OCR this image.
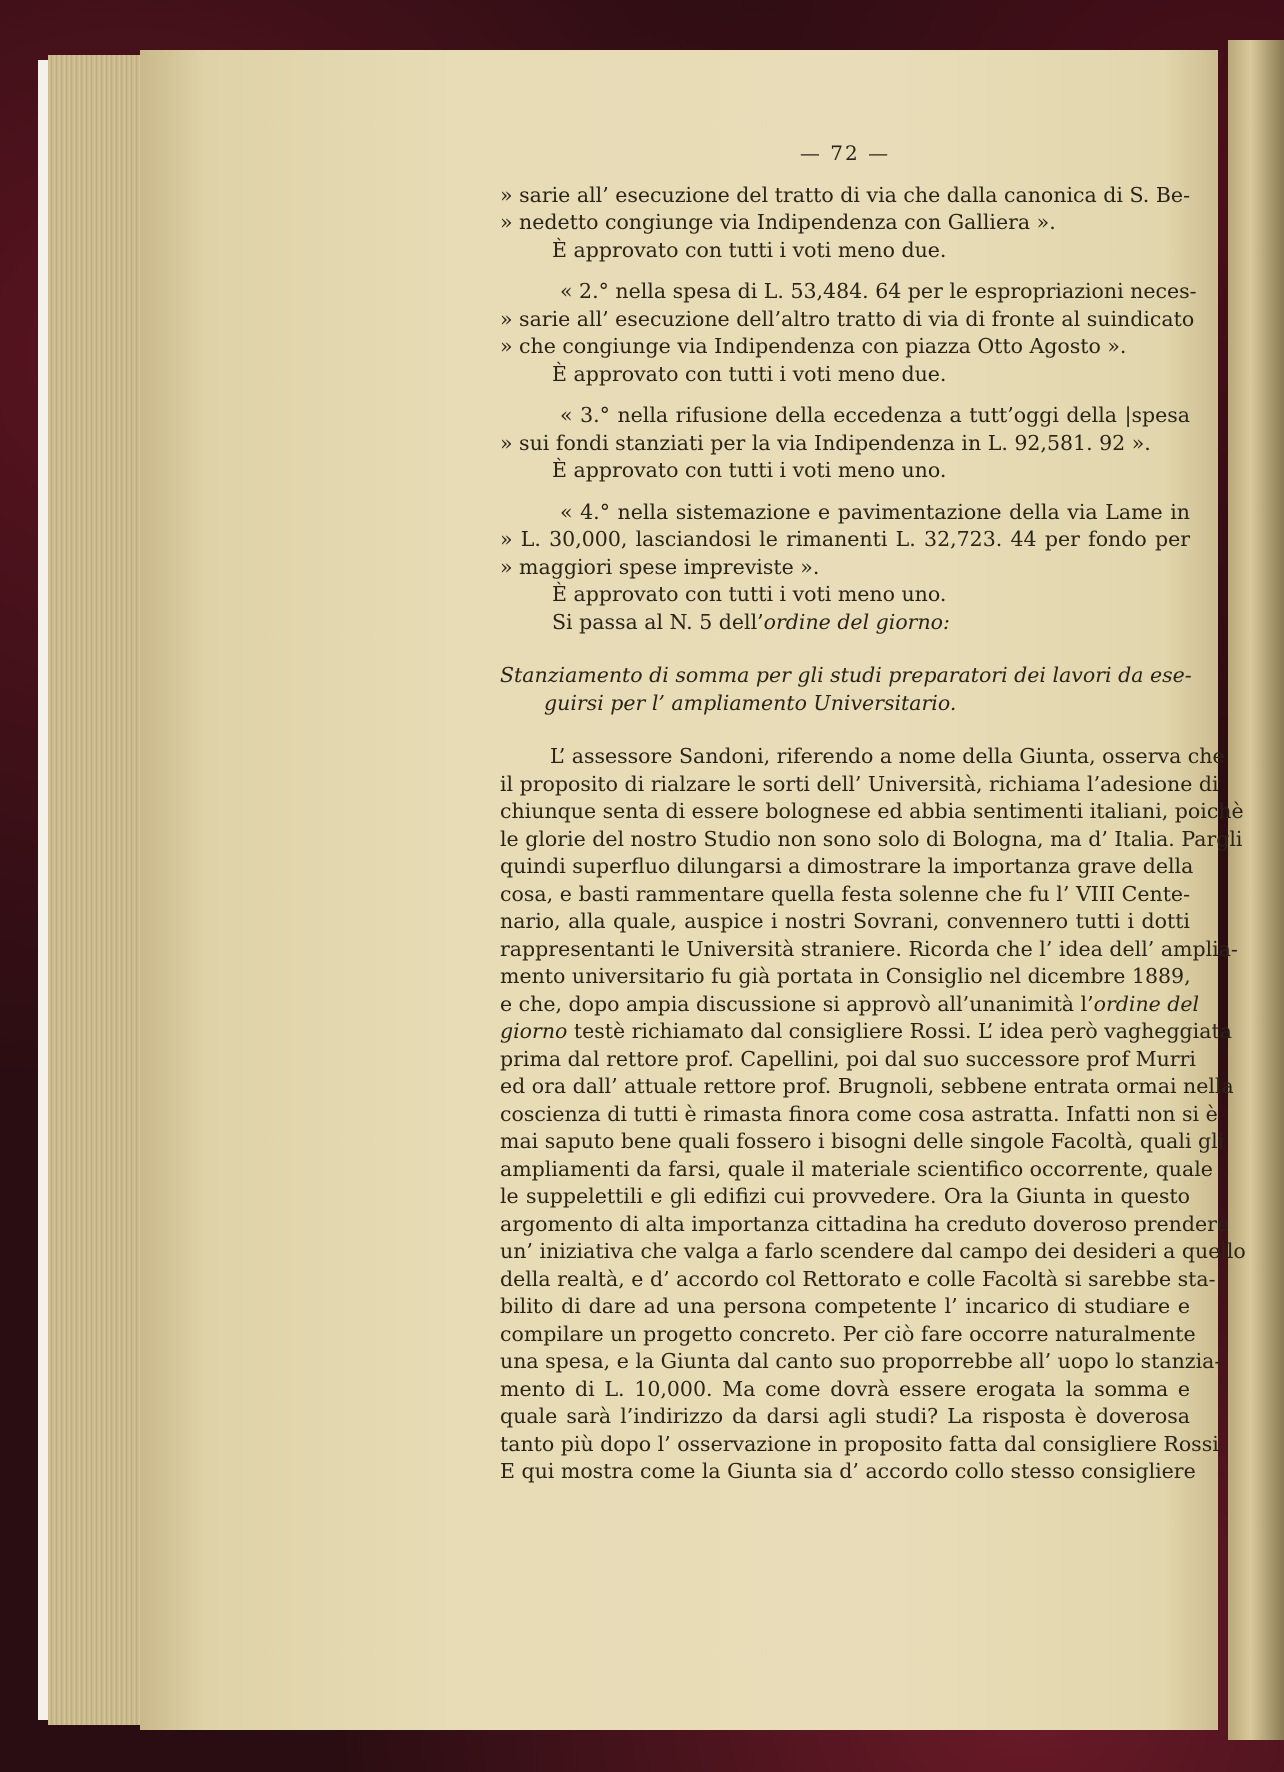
— 72 —
» sarie all’ esecuzione del tratto di via che dalla canonica di S. Be-
» nedetto congiunge via Indipendenza con Galliera ».
È approvato con tutti i voti meno due.
« 2.° nella spesa di L. 53,484. 64 per le espropriazioni neces-
» sarie all’ esecuzione dell’altro tratto di via di fronte al suindicato
» che congiunge via Indipendenza con piazza Otto Agosto ».
È approvato con tutti i voti meno due.
« 3.° nella rifusione della eccedenza a tutt’oggi della |spesa
» sui fondi stanziati per la via Indipendenza in L. 92,581. 92 ».
È approvato con tutti i voti meno uno.
« 4.° nella sistemazione e pavimentazione della via Lame in
» L. 30,000, lasciandosi le rimanenti L. 32,723. 44 per fondo per
» maggiori spese impreviste ».
È approvato con tutti i voti meno uno.
Si passa al N. 5 dell’ordine del giorno:
Stanziamento di somma per gli studi preparatori dei lavori da ese-
guirsi per l’ ampliamento Universitario.
L’ assessore Sandoni, riferendo a nome della Giunta, osserva che
il proposito di rialzare le sorti dell’ Università, richiama l’adesione di
chiunque senta di essere bolognese ed abbia sentimenti italiani, poichè
le glorie del nostro Studio non sono solo di Bologna, ma d’ Italia. Pargli
quindi superfluo dilungarsi a dimostrare la importanza grave della
cosa, e basti rammentare quella festa solenne che fu l’ VIII Cente-
nario, alla quale, auspice i nostri Sovrani, convennero tutti i dotti
rappresentanti le Università straniere. Ricorda che l’ idea dell’ amplia-
mento universitario fu già portata in Consiglio nel dicembre 1889,
e che, dopo ampia discussione si approvò all’unanimità l’ordine del
giorno testè richiamato dal consigliere Rossi. L’ idea però vagheggiata
prima dal rettore prof. Capellini, poi dal suo successore prof Murri
ed ora dall’ attuale rettore prof. Brugnoli, sebbene entrata ormai nella
coscienza di tutti è rimasta finora come cosa astratta. Infatti non si è
mai saputo bene quali fossero i bisogni delle singole Facoltà, quali gli
ampliamenti da farsi, quale il materiale scientifico occorrente, quale
le suppelettili e gli edifizi cui provvedere. Ora la Giunta in questo
argomento di alta importanza cittadina ha creduto doveroso prendere
un’ iniziativa che valga a farlo scendere dal campo dei desideri a quello
della realtà, e d’ accordo col Rettorato e colle Facoltà si sarebbe sta-
bilito di dare ad una persona competente l’ incarico di studiare e
compilare un progetto concreto. Per ciò fare occorre naturalmente
una spesa, e la Giunta dal canto suo proporrebbe all’ uopo lo stanzia-
mento di L. 10,000. Ma come dovrà essere erogata la somma e
quale sarà l’indirizzo da darsi agli studi? La risposta è doverosa
tanto più dopo l’ osservazione in proposito fatta dal consigliere Rossi.
E qui mostra come la Giunta sia d’ accordo collo stesso consigliere
